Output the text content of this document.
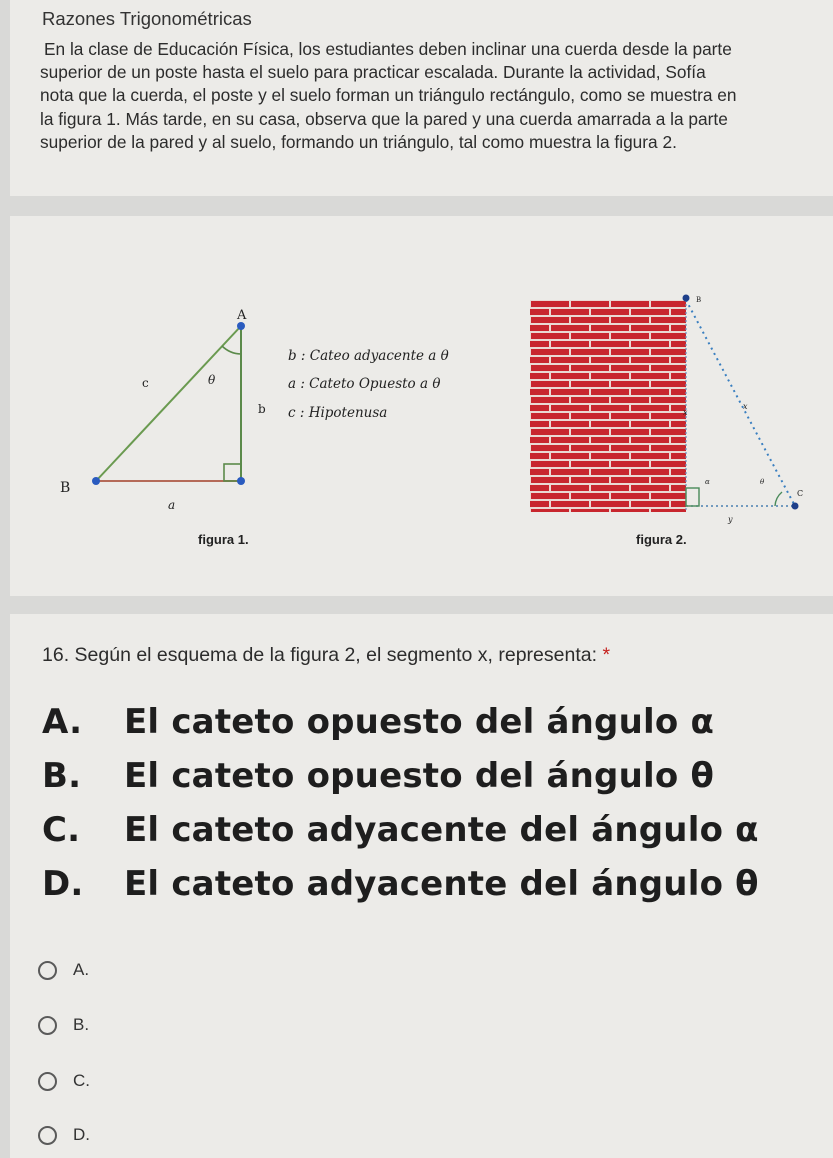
Razones Trigonométricas

En la clase de Educación Física, los estudiantes deben inclinar una cuerda desde la parte

superior de un poste hasta el suelo para practicar escalada. Durante la actividad, Sofía

nota que la cuerda, el poste y el suelo forman un triángulo rectángulo, como se muestra en

la figura 1. Más tarde, en su casa, observa que la pared y una cuerda amarrada a la parte

superior de la pared y al suelo, formando un triángulo, tal como muestra la figura 2.

A
B
c	θ
b
a
b : Cateo adyacente a θ
a : Cateto Opuesto a θ
c : Hipotenusa
figura 1.
B
x
x
α	θ
C
y
figura 2.
16. Según el esquema de la figura 2, el segmento x, representa: *
A. El cateto opuesto del ángulo α
B. El cateto opuesto del ángulo θ
C. El cateto adyacente del ángulo α
D. El cateto adyacente del ángulo θ
A.
B.
C.
D.
